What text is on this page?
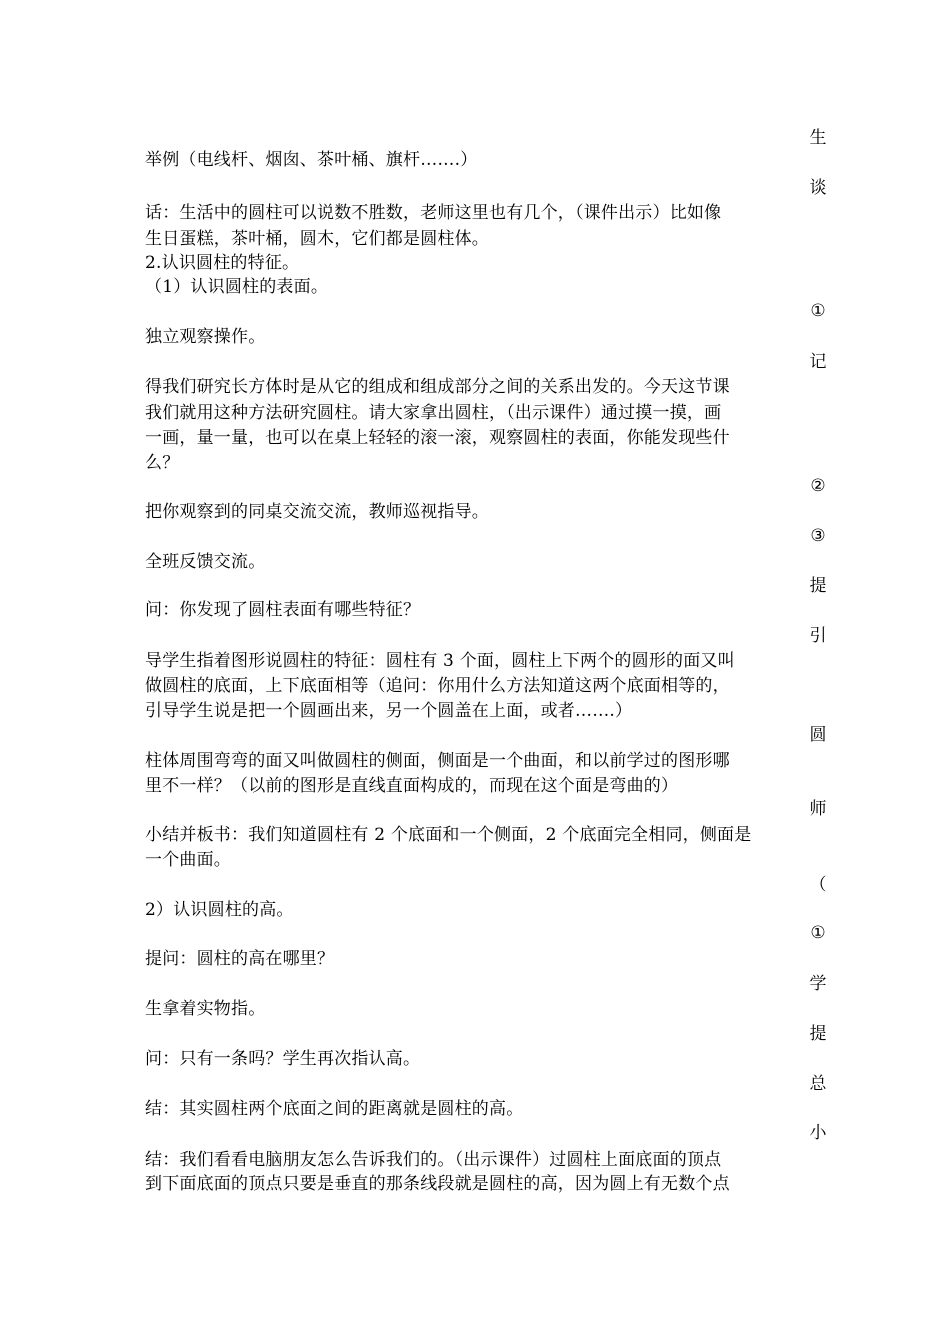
举例（电线杆、烟囱、茶叶桶、旗杆…….）
话：生活中的圆柱可以说数不胜数，老师这里也有几个，（课件出示）比如像
生日蛋糕，茶叶桶，圆木，它们都是圆柱体。
2.认识圆柱的特征。
（1）认识圆柱的表面。
独立观察操作。
得我们研究长方体时是从它的组成和组成部分之间的关系出发的。今天这节课
我们就用这种方法研究圆柱。请大家拿出圆柱，（出示课件）通过摸一摸，画
一画，量一量，也可以在桌上轻轻的滚一滚，观察圆柱的表面，你能发现些什
么？
把你观察到的同桌交流交流，教师巡视指导。
全班反馈交流。
问：你发现了圆柱表面有哪些特征？
导学生指着图形说圆柱的特征：圆柱有 3 个面，圆柱上下两个的圆形的面又叫
做圆柱的底面，上下底面相等（追问：你用什么方法知道这两个底面相等的，
引导学生说是把一个圆画出来，另一个圆盖在上面，或者…….）
柱体周围弯弯的面又叫做圆柱的侧面，侧面是一个曲面，和以前学过的图形哪
里不一样？（以前的图形是直线直面构成的，而现在这个面是弯曲的）
小结并板书：我们知道圆柱有 2 个底面和一个侧面，2 个底面完全相同，侧面是
一个曲面。
2）认识圆柱的高。
提问：圆柱的高在哪里？
生拿着实物指。
问：只有一条吗？学生再次指认高。
结：其实圆柱两个底面之间的距离就是圆柱的高。
结：我们看看电脑朋友怎么告诉我们的。（出示课件）过圆柱上面底面的顶点
到下面底面的顶点只要是垂直的那条线段就是圆柱的高，因为圆上有无数个点
生
谈
①
记
②
③
提
引
圆
师
（
①
学
提
总
小
